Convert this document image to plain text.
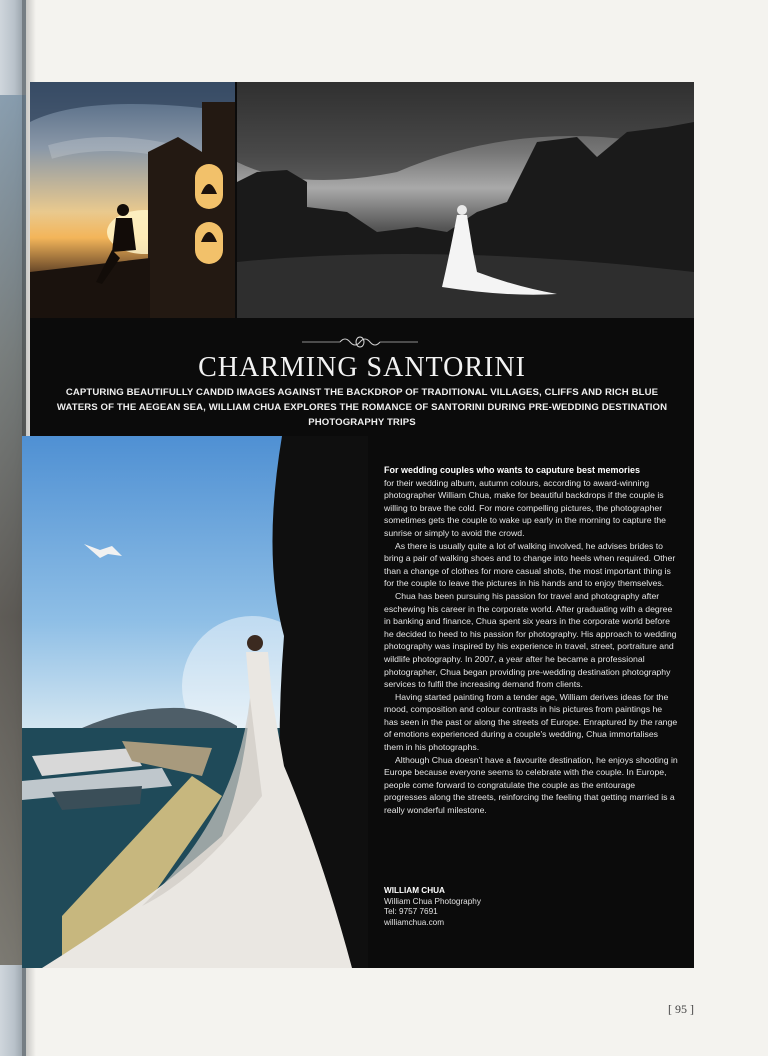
CHARMING SANTORINI

CAPTURING BEAUTIFULLY CANDID IMAGES AGAINST THE BACKDROP OF TRADITIONAL VILLAGES, CLIFFS AND RICH BLUE WATERS OF THE AEGEAN SEA, WILLIAM CHUA EXPLORES THE ROMANCE OF SANTORINI DURING PRE-WEDDING DESTINATION PHOTOGRAPHY TRIPS

For wedding couples who wants to caputure best memories
for their wedding album, autumn colours, according to award-winning photographer William Chua, make for beautiful backdrops if the couple is willing to brave the cold. For more compelling pictures, the photographer sometimes gets the couple to wake up early in the morning to capture the sunrise or simply to avoid the crowd.

As there is usually quite a lot of walking involved, he advises brides to bring a pair of walking shoes and to change into heels when required. Other than a change of clothes for more casual shots, the most important thing is for the couple to leave the pictures in his hands and to enjoy themselves.

Chua has been pursuing his passion for travel and photography after eschewing his career in the corporate world. After graduating with a degree in banking and finance, Chua spent six years in the corporate world before he decided to heed to his passion for photography. His approach to wedding photography was inspired by his experience in travel, street, portraiture and wildlife photography. In 2007, a year after he became a professional photographer, Chua began providing pre-wedding destination photography services to fulfil the increasing demand from clients.

Having started painting from a tender age, William derives ideas for the mood, composition and colour contrasts in his pictures from paintings he has seen in the past or along the streets of Europe. Enraptured by the range of emotions experienced during a couple's wedding, Chua immortalises them in his photographs.

Although Chua doesn't have a favourite destination, he enjoys shooting in Europe because everyone seems to celebrate with the couple. In Europe, people come forward to congratulate the couple as the entourage progresses along the streets, reinforcing the feeling that getting married is a really wonderful milestone.

WILLIAM CHUA
William Chua Photography
Tel: 9757 7691
williamchua.com
[ 95 ]
